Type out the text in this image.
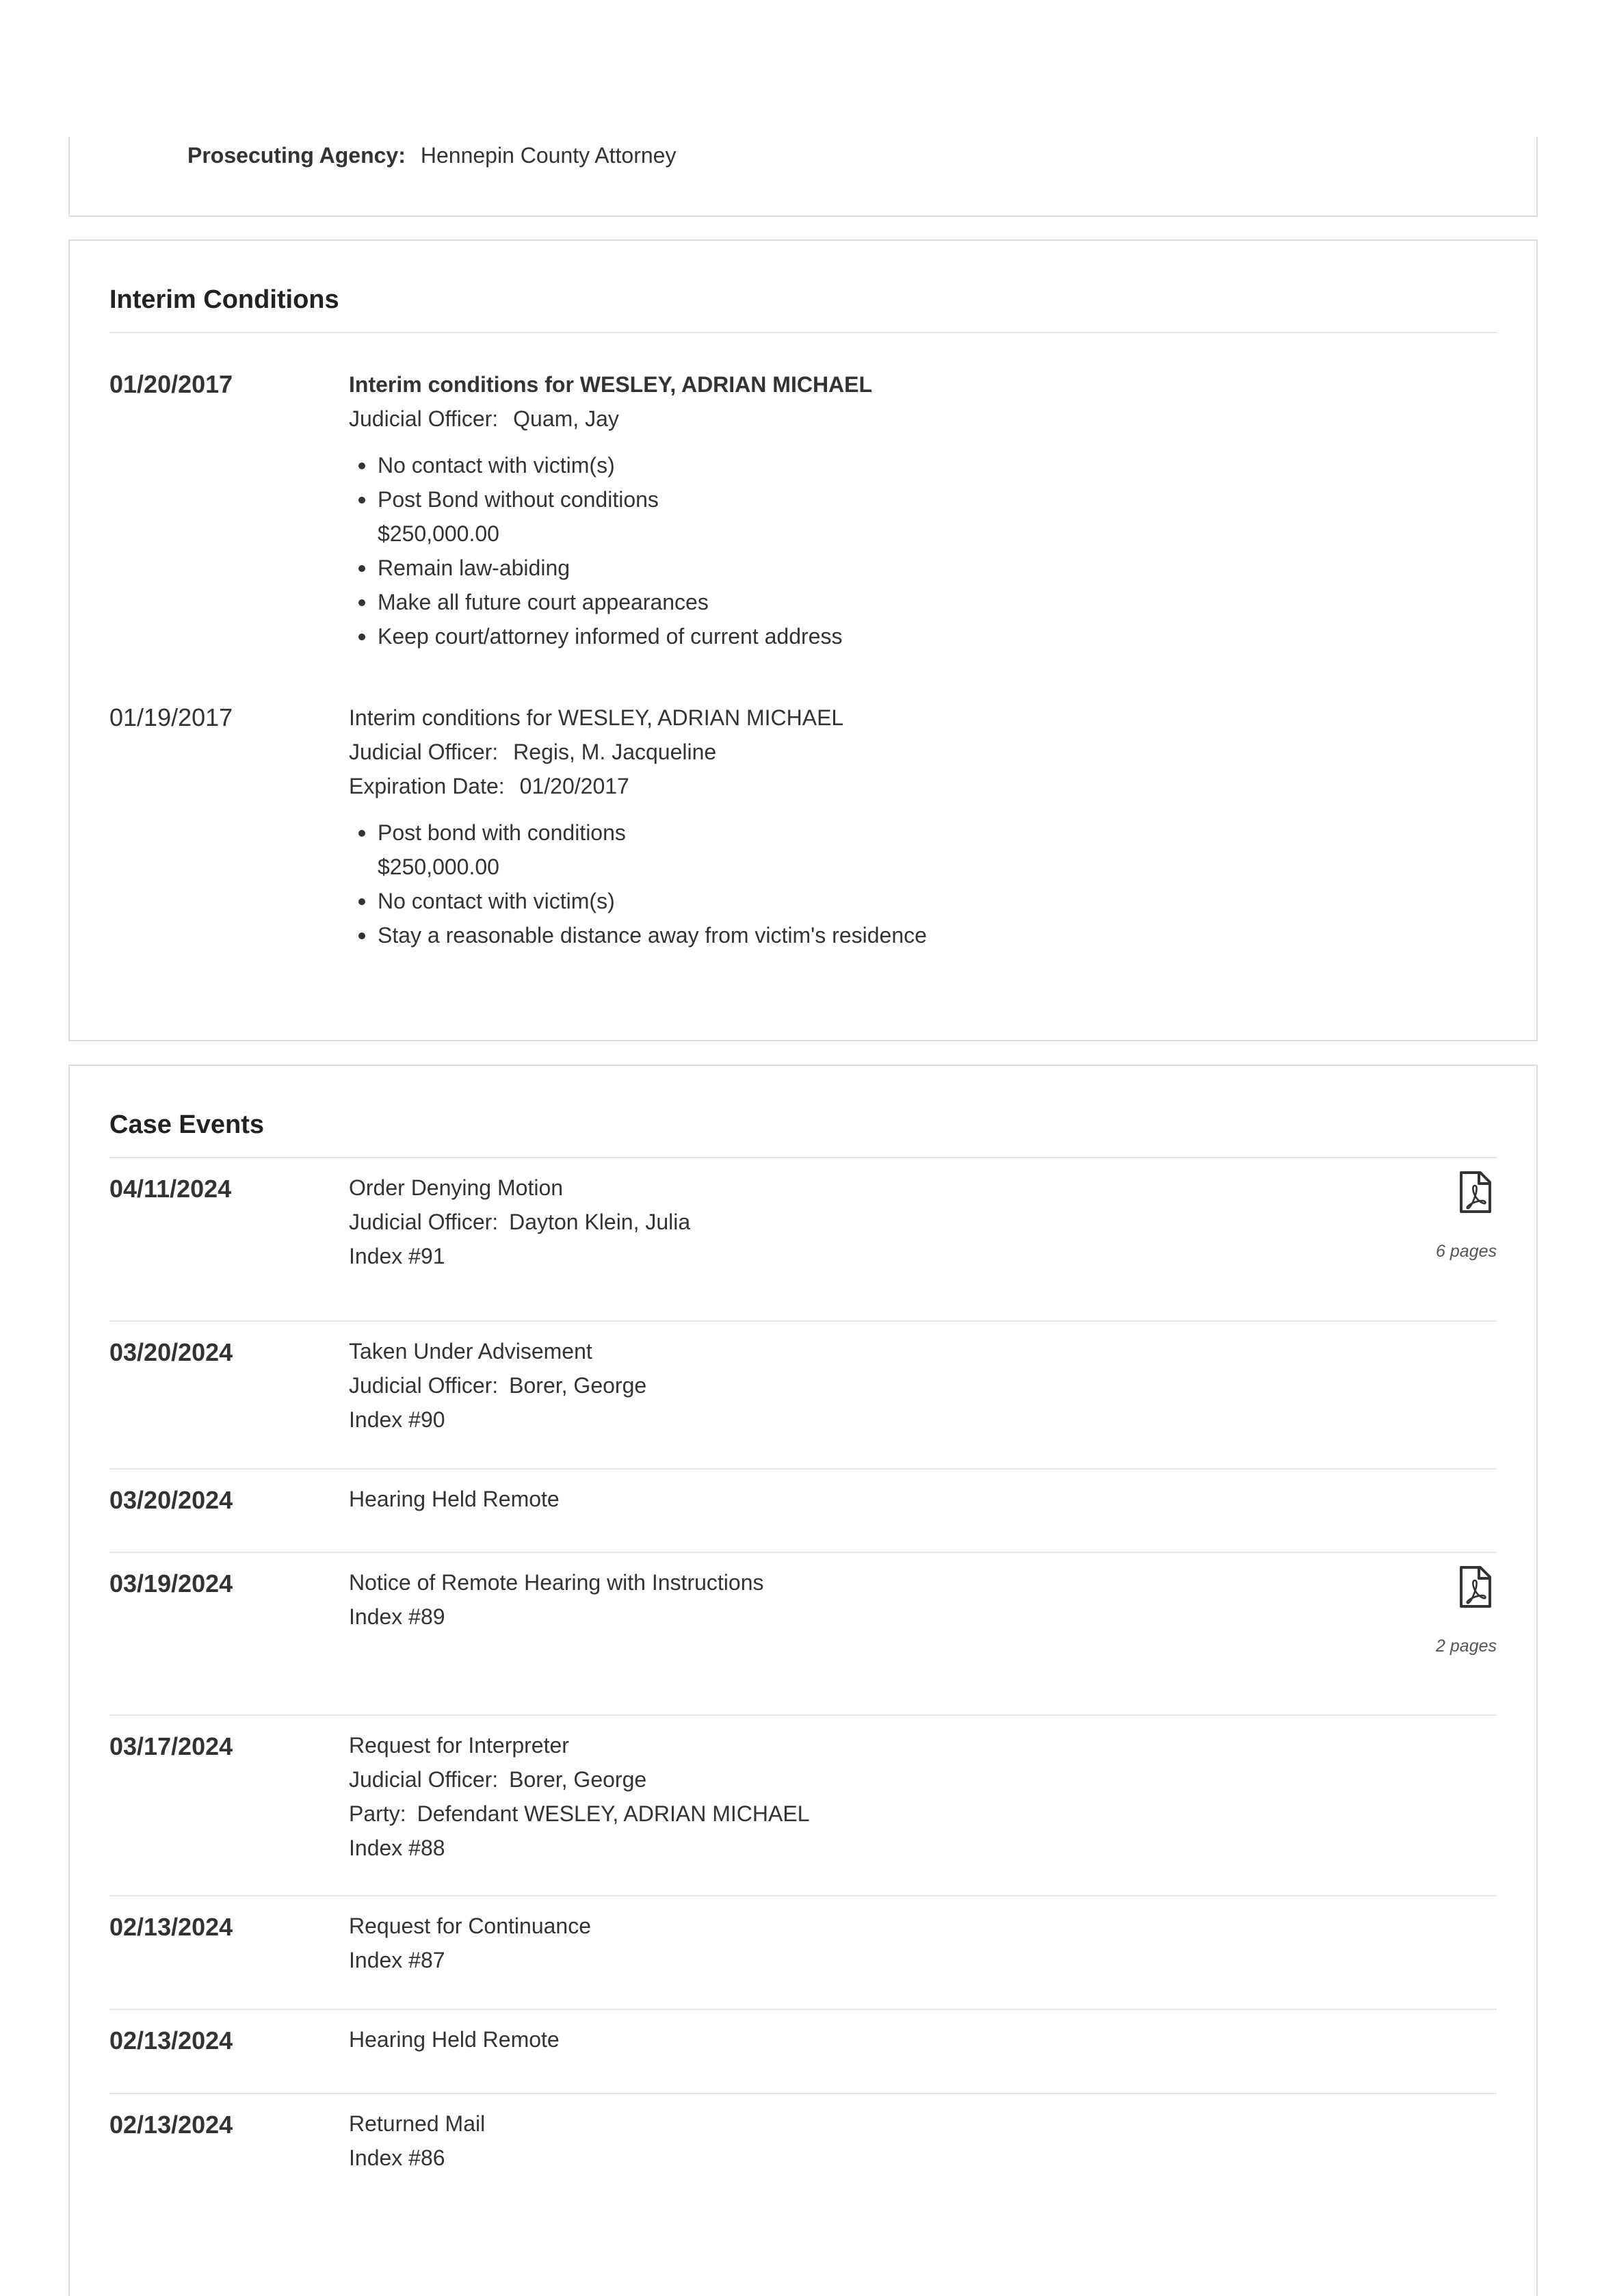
Prosecuting Agency: Hennepin County Attorney
Interim Conditions
01/20/2017	Interim conditions for WESLEY, ADRIAN MICHAEL
Judicial Officer: Quam, Jay
No contact with victim(s)
Post Bond without conditions
$250,000.00
Remain law-abiding
Make all future court appearances
Keep court/attorney informed of current address
01/19/2017	Interim conditions for WESLEY, ADRIAN MICHAEL
Judicial Officer: Regis, M. Jacqueline
Expiration Date: 01/20/2017
Post bond with conditions
$250,000.00
No contact with victim(s)
Stay a reasonable distance away from victim's residence
Case Events
04/11/2024	Order Denying Motion
Judicial Officer: Dayton Klein, Julia
Index #91	6 pages
03/20/2024	Taken Under Advisement
Judicial Officer: Borer, George
Index #90
03/20/2024	Hearing Held Remote
03/19/2024	Notice of Remote Hearing with Instructions
Index #89
2 pages
03/17/2024	Request for Interpreter
Judicial Officer: Borer, George
Party: Defendant WESLEY, ADRIAN MICHAEL
Index #88
02/13/2024	Request for Continuance
Index #87
02/13/2024	Hearing Held Remote
02/13/2024	Returned Mail
Index #86
